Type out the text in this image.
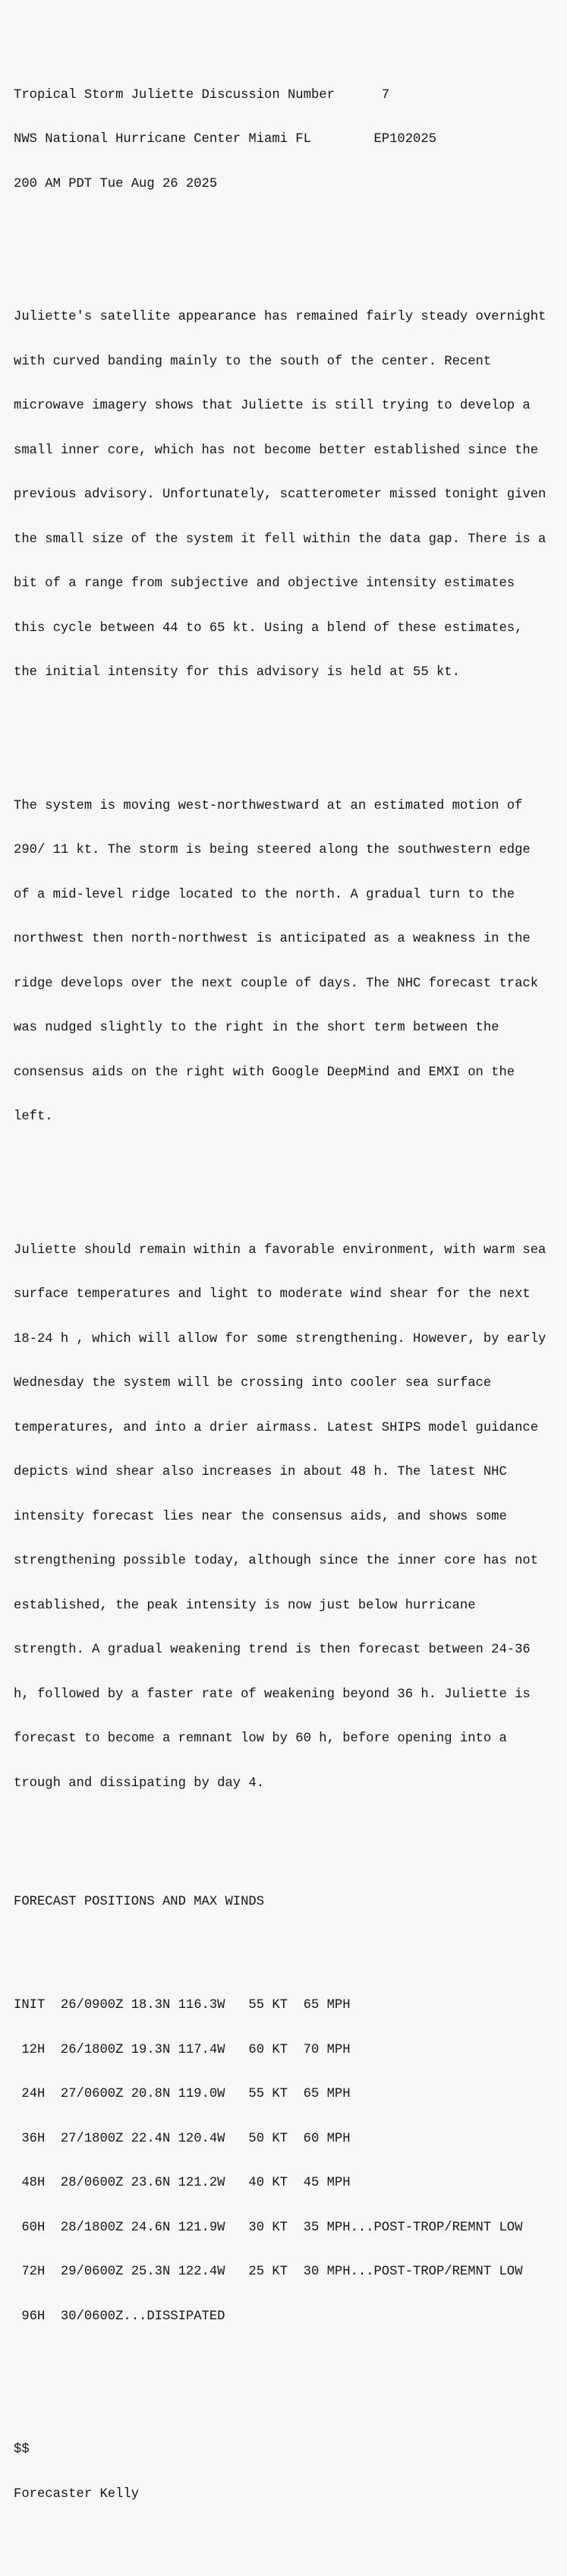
Tropical Storm Juliette Discussion Number      7

NWS National Hurricane Center Miami FL        EP102025

200 AM PDT Tue Aug 26 2025

Juliette's satellite appearance has remained fairly steady overnight

with curved banding mainly to the south of the center. Recent

microwave imagery shows that Juliette is still trying to develop a

small inner core, which has not become better established since the

previous advisory. Unfortunately, scatterometer missed tonight given

the small size of the system it fell within the data gap. There is a

bit of a range from subjective and objective intensity estimates

this cycle between 44 to 65 kt. Using a blend of these estimates,

the initial intensity for this advisory is held at 55 kt.

The system is moving west-northwestward at an estimated motion of

290/ 11 kt. The storm is being steered along the southwestern edge

of a mid-level ridge located to the north. A gradual turn to the

northwest then north-northwest is anticipated as a weakness in the

ridge develops over the next couple of days. The NHC forecast track

was nudged slightly to the right in the short term between the

consensus aids on the right with Google DeepMind and EMXI on the

left.

Juliette should remain within a favorable environment, with warm sea

surface temperatures and light to moderate wind shear for the next

18-24 h , which will allow for some strengthening. However, by early

Wednesday the system will be crossing into cooler sea surface

temperatures, and into a drier airmass. Latest SHIPS model guidance

depicts wind shear also increases in about 48 h. The latest NHC

intensity forecast lies near the consensus aids, and shows some

strengthening possible today, although since the inner core has not

established, the peak intensity is now just below hurricane

strength. A gradual weakening trend is then forecast between 24-36

h, followed by a faster rate of weakening beyond 36 h. Juliette is

forecast to become a remnant low by 60 h, before opening into a

trough and dissipating by day 4.

FORECAST POSITIONS AND MAX WINDS

INIT  26/0900Z 18.3N 116.3W   55 KT  65 MPH

12H  26/1800Z 19.3N 117.4W   60 KT  70 MPH

24H  27/0600Z 20.8N 119.0W   55 KT  65 MPH

36H  27/1800Z 22.4N 120.4W   50 KT  60 MPH

48H  28/0600Z 23.6N 121.2W   40 KT  45 MPH

60H  28/1800Z 24.6N 121.9W   30 KT  35 MPH...POST-TROP/REMNT LOW

72H  29/0600Z 25.3N 122.4W   25 KT  30 MPH...POST-TROP/REMNT LOW

96H  30/0600Z...DISSIPATED

$$

Forecaster Kelly
